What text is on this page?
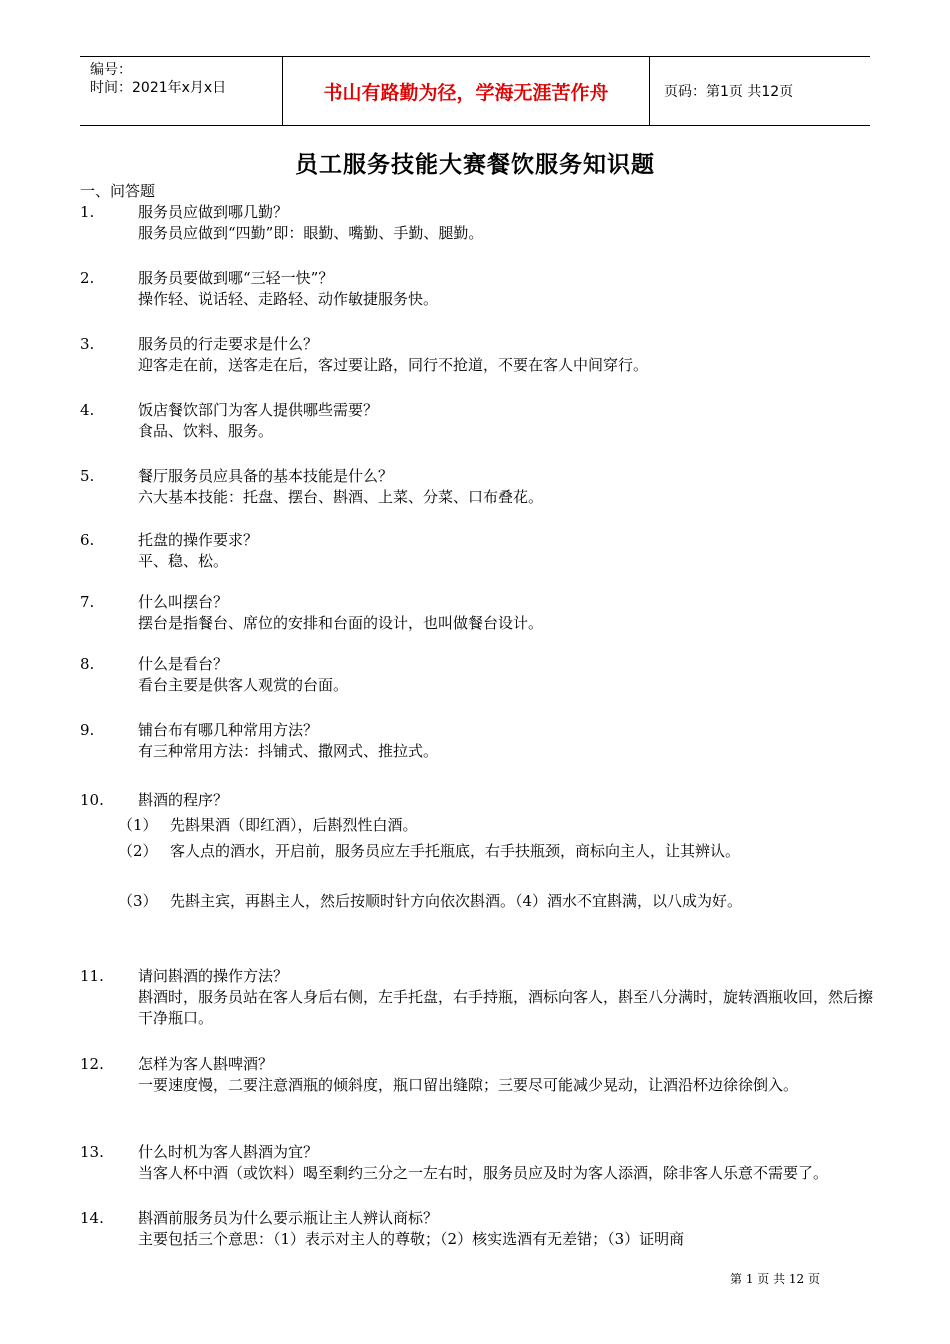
编号：
时间：2021年x月x日	书山有路勤为径，学海无涯苦作舟	页码：第1页 共12页
员工服务技能大赛餐饮服务知识题
一、问答题
1.	服务员应做到哪几勤？
服务员应做到“四勤”即：眼勤、嘴勤、手勤、腿勤。
2.	服务员要做到哪“三轻一快”？
操作轻、说话轻、走路轻、动作敏捷服务快。
3.	服务员的行走要求是什么？
迎客走在前，送客走在后，客过要让路，同行不抢道，不要在客人中间穿行。
4.	饭店餐饮部门为客人提供哪些需要？
食品、饮料、服务。
5.	餐厅服务员应具备的基本技能是什么？
六大基本技能：托盘、摆台、斟酒、上菜、分菜、口布叠花。
6.	托盘的操作要求？
平、稳、松。
7.	什么叫摆台？
摆台是指餐台、席位的安排和台面的设计，也叫做餐台设计。
8.	什么是看台？
看台主要是供客人观赏的台面。
9.	铺台布有哪几种常用方法？
有三种常用方法：抖铺式、撒网式、推拉式。
10.	斟酒的程序？
（1） 先斟果酒（即红酒），后斟烈性白酒。
（2） 客人点的酒水，开启前，服务员应左手托瓶底，右手扶瓶颈，商标向主人，让其辨认。
（3） 先斟主宾，再斟主人，然后按顺时针方向依次斟酒。（4）酒水不宜斟满，以八成为好。
11.	请问斟酒的操作方法？
斟酒时，服务员站在客人身后右侧，左手托盘，右手持瓶，酒标向客人，斟至八分满时，旋转酒瓶收回，然后擦干净瓶口。
12.	怎样为客人斟啤酒？
一要速度慢，二要注意酒瓶的倾斜度，瓶口留出缝隙；三要尽可能减少晃动，让酒沿杯边徐徐倒入。
13.	什么时机为客人斟酒为宜？
当客人杯中酒（或饮料）喝至剩约三分之一左右时，服务员应及时为客人添酒，除非客人乐意不需要了。
14.	斟酒前服务员为什么要示瓶让主人辨认商标？
主要包括三个意思：（1）表示对主人的尊敬；（2）核实选酒有无差错；（3）证明商
第 1 页 共 12 页
